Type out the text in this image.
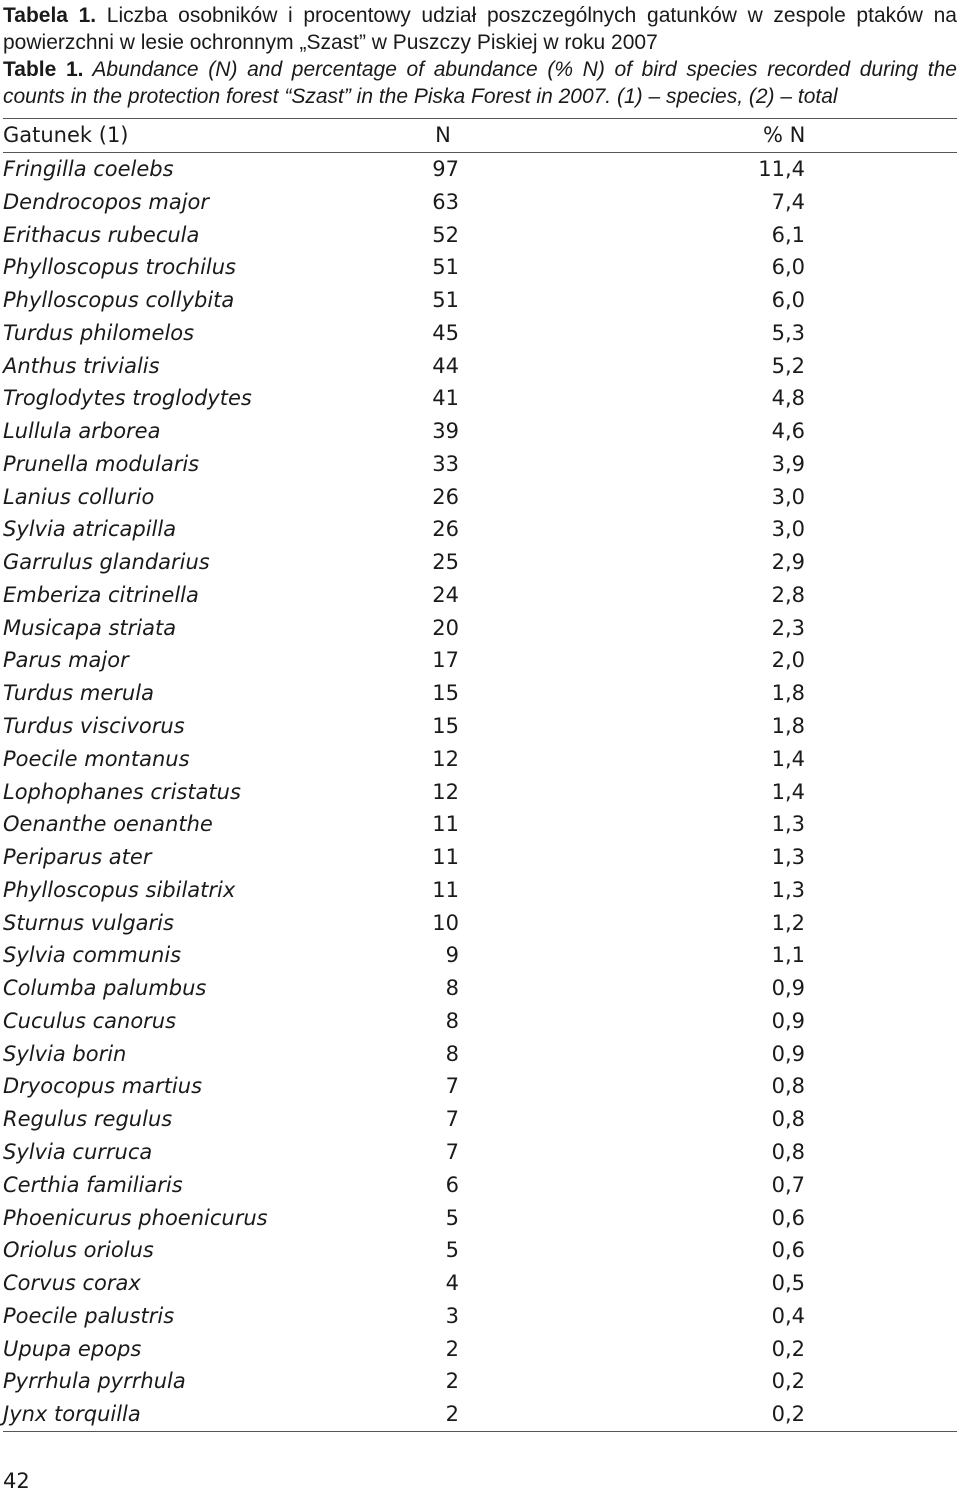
Tabela 1. Liczba osobników i procentowy udział poszczególnych gatunków w zespole ptaków na powierzchni w lesie ochronnym „Szast” w Puszczy Piskiej w roku 2007
Table 1. Abundance (N) and percentage of abundance (% N) of bird species recorded during the counts in the protection forest “Szast” in the Piska Forest in 2007. (1) – species, (2) – total
Gatunek (1)	N	% N
Fringilla coelebs	97	11,4
Dendrocopos major	63	7,4
Erithacus rubecula	52	6,1
Phylloscopus trochilus	51	6,0
Phylloscopus collybita	51	6,0
Turdus philomelos	45	5,3
Anthus trivialis	44	5,2
Troglodytes troglodytes	41	4,8
Lullula arborea	39	4,6
Prunella modularis	33	3,9
Lanius collurio	26	3,0
Sylvia atricapilla	26	3,0
Garrulus glandarius	25	2,9
Emberiza citrinella	24	2,8
Musicapa striata	20	2,3
Parus major	17	2,0
Turdus merula	15	1,8
Turdus viscivorus	15	1,8
Poecile montanus	12	1,4
Lophophanes cristatus	12	1,4
Oenanthe oenanthe	11	1,3
Periparus ater	11	1,3
Phylloscopus sibilatrix	11	1,3
Sturnus vulgaris	10	1,2
Sylvia communis	9	1,1
Columba palumbus	8	0,9
Cuculus canorus	8	0,9
Sylvia borin	8	0,9
Dryocopus martius	7	0,8
Regulus regulus	7	0,8
Sylvia curruca	7	0,8
Certhia familiaris	6	0,7
Phoenicurus phoenicurus	5	0,6
Oriolus oriolus	5	0,6
Corvus corax	4	0,5
Poecile palustris	3	0,4
Upupa epops	2	0,2
Pyrrhula pyrrhula	2	0,2
Jynx torquilla	2	0,2
42
